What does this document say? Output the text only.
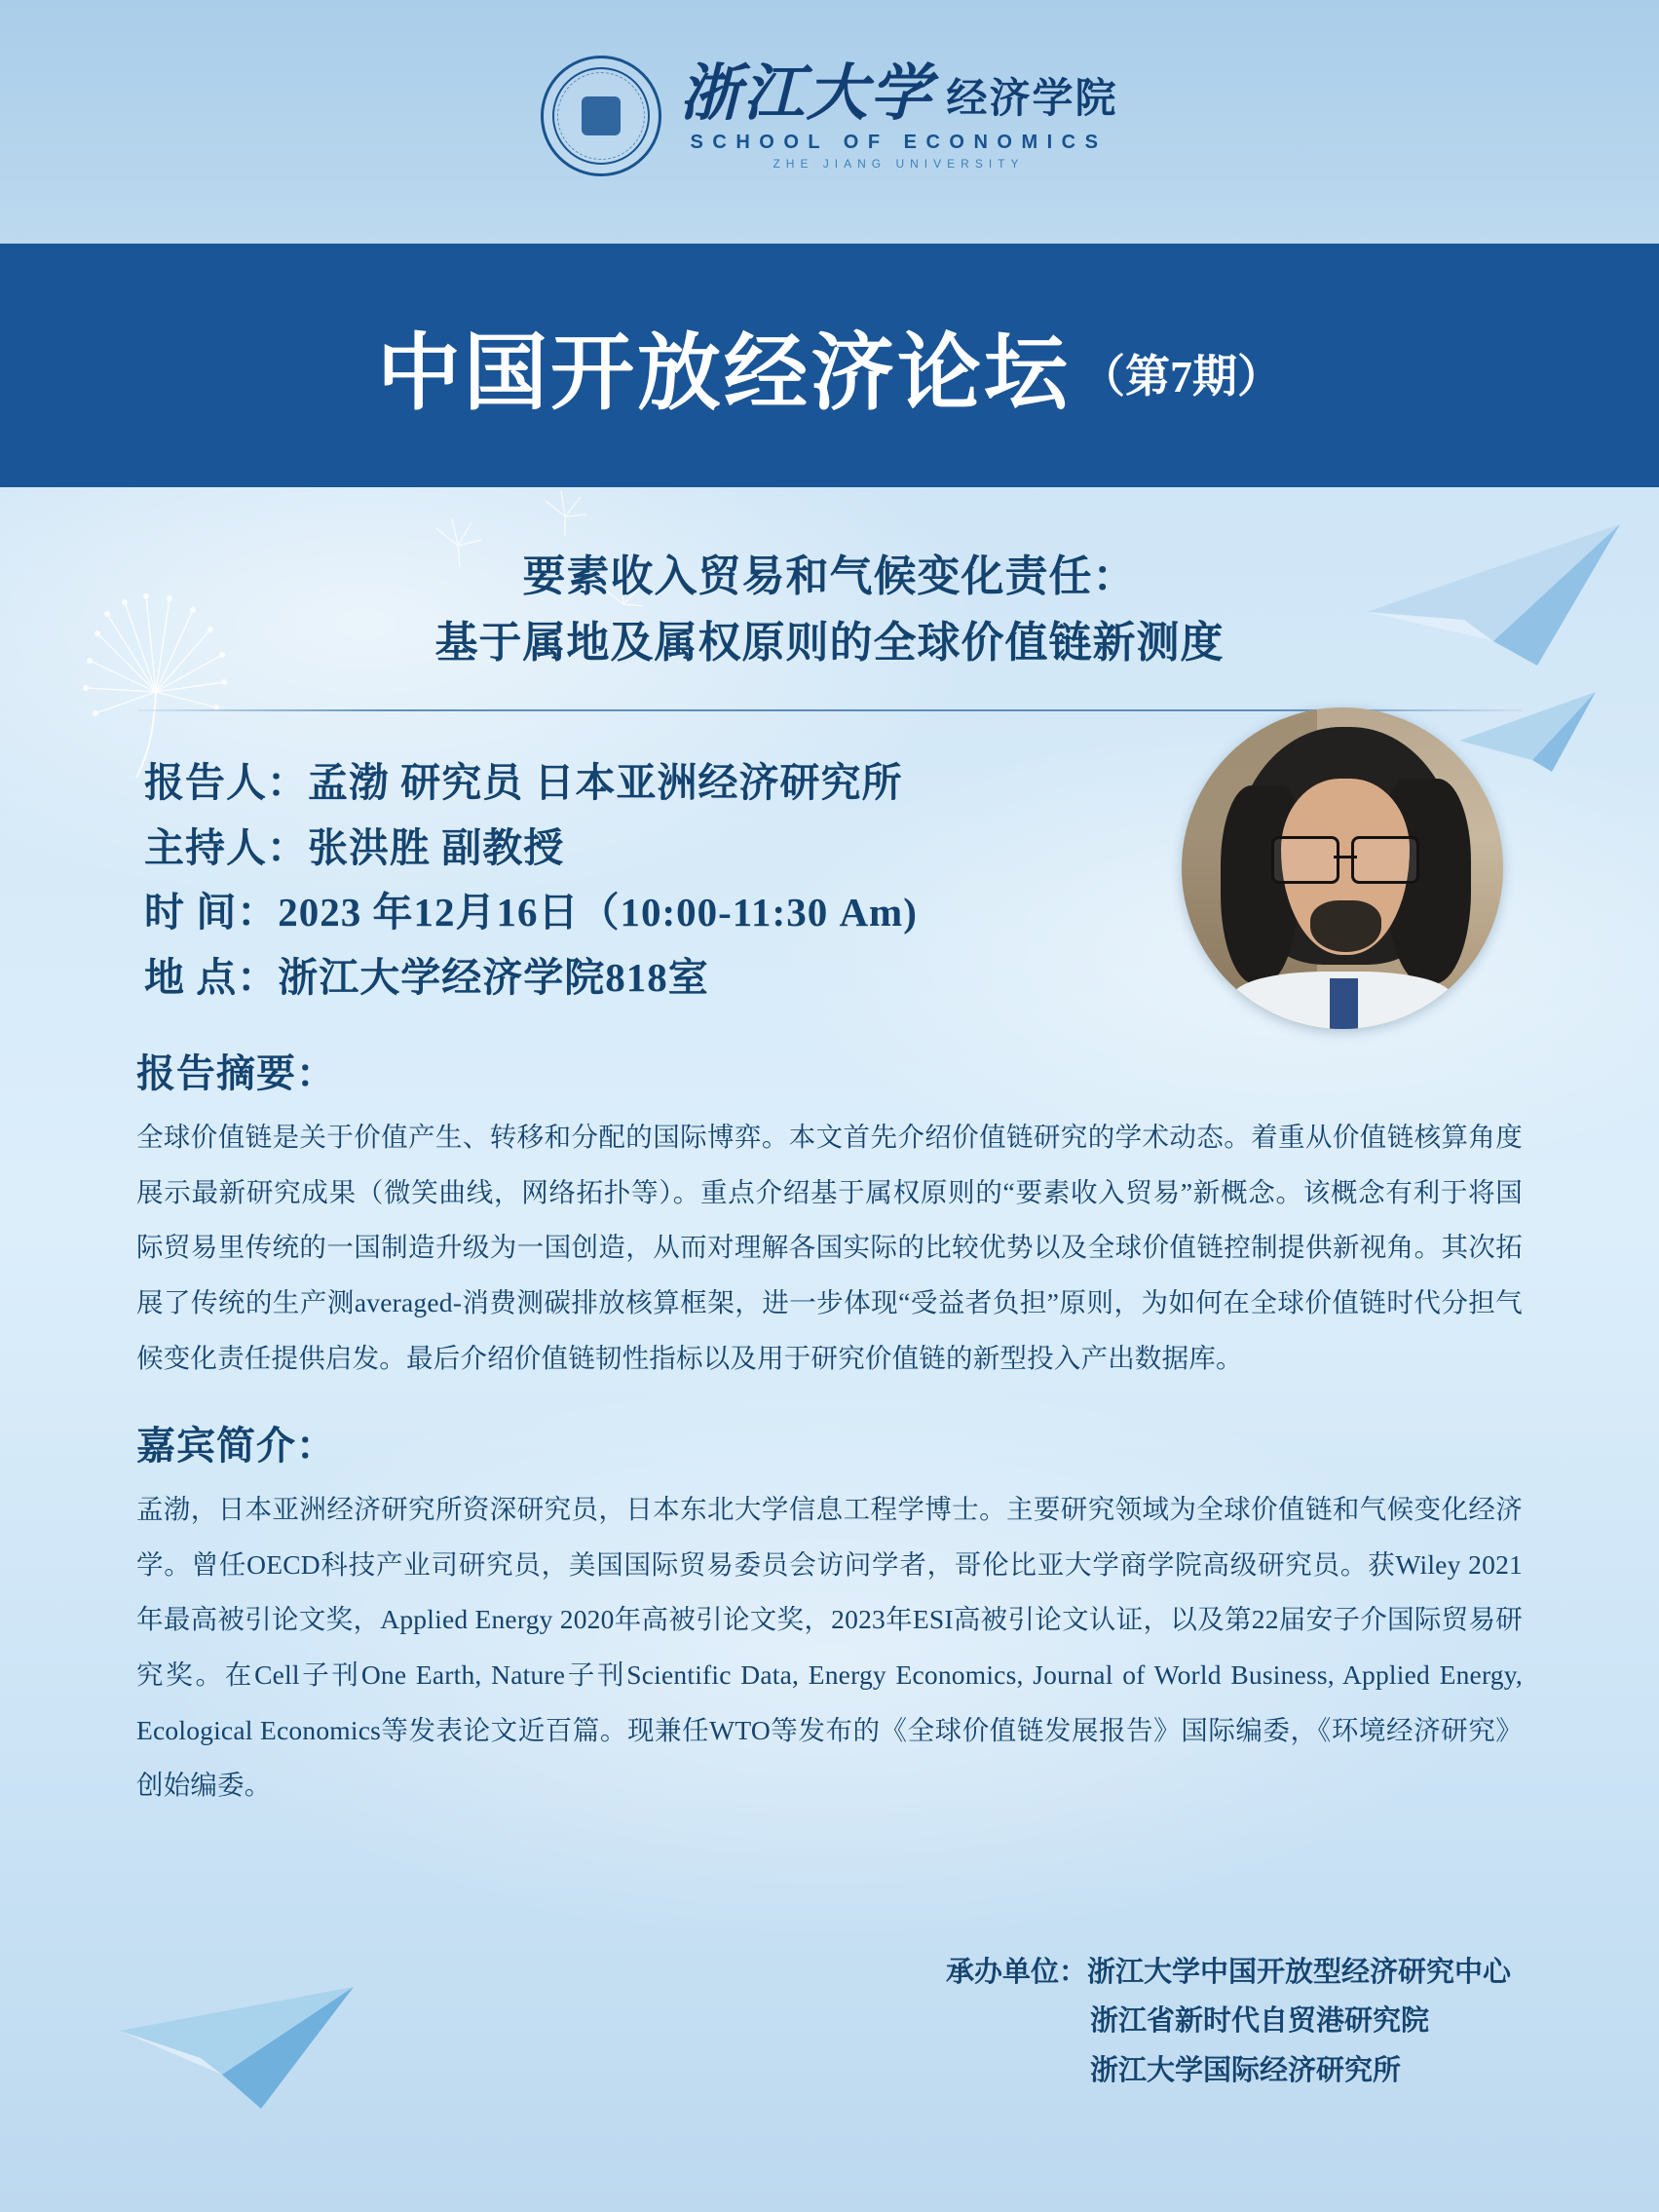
浙江大学 经济学院
SCHOOL OF ECONOMICS
ZHE JIANG UNIVERSITY
中国开放经济论坛 （第7期）
要素收入贸易和气候变化责任：
基于属地及属权原则的全球价值链新测度
报告人：孟渤 研究员 日本亚洲经济研究所
主持人：张洪胜 副教授
时 间：2023 年12月16日（10:00-11:30 Am)
地 点：浙江大学经济学院818室
报告摘要：
全球价值链是关于价值产生、转移和分配的国际博弈。本文首先介绍价值链研究的学术动态。着重从价值链核算角度展示最新研究成果（微笑曲线，网络拓扑等）。重点介绍基于属权原则的“要素收入贸易”新概念。该概念有利于将国际贸易里传统的一国制造升级为一国创造，从而对理解各国实际的比较优势以及全球价值链控制提供新视角。其次拓展了传统的生产测averaged-消费测碳排放核算框架，进一步体现“受益者负担”原则，为如何在全球价值链时代分担气候变化责任提供启发。最后介绍价值链韧性指标以及用于研究价值链的新型投入产出数据库。
嘉宾简介：
孟渤，日本亚洲经济研究所资深研究员，日本东北大学信息工程学博士。主要研究领域为全球价值链和气候变化经济学。曾任OECD科技产业司研究员，美国国际贸易委员会访问学者，哥伦比亚大学商学院高级研究员。获Wiley 2021年最高被引论文奖，Applied Energy 2020年高被引论文奖，2023年ESI高被引论文认证，以及第22届安子介国际贸易研究奖。在Cell子刊One Earth, Nature子刊Scientific Data, Energy Economics, Journal of World Business, Applied Energy, Ecological Economics等发表论文近百篇。现兼任WTO等发布的《全球价值链发展报告》国际编委，《环境经济研究》创始编委。
承办单位：浙江大学中国开放型经济研究中心
浙江省新时代自贸港研究院
浙江大学国际经济研究所
